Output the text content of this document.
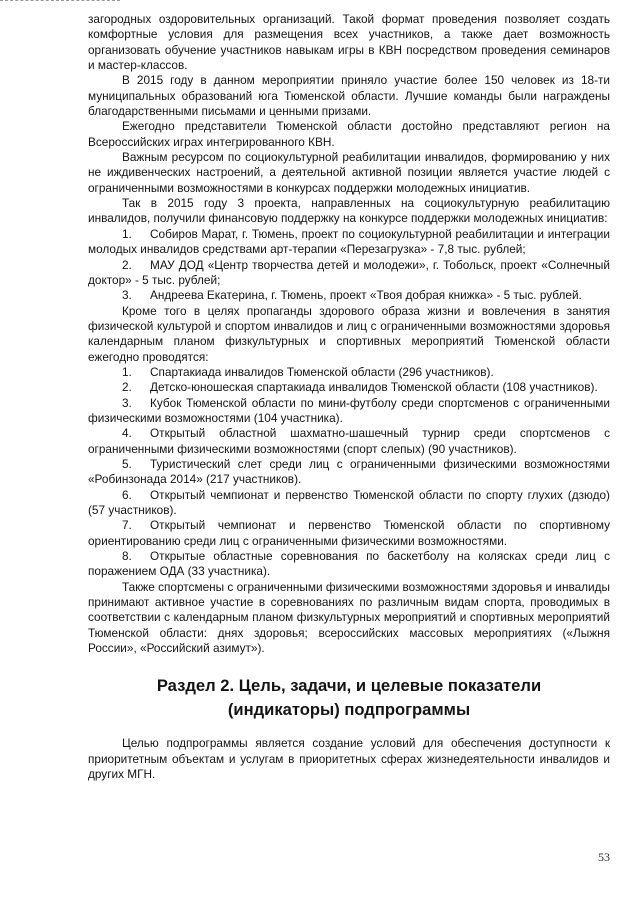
загородных оздоровительных организаций. Такой формат проведения позволяет создать комфортные условия для размещения всех участников, а также дает возможность организовать обучение участников навыкам игры в КВН посредством проведения семинаров и мастер-классов.

В 2015 году в данном мероприятии приняло участие более 150 человек из 18-ти муниципальных образований юга Тюменской области. Лучшие команды были награждены благодарственными письмами и ценными призами.

Ежегодно представители Тюменской области достойно представляют регион на Всероссийских играх интегрированного КВН.

Важным ресурсом по социокультурной реабилитации инвалидов, формированию у них не иждивенческих настроений, а деятельной активной позиции является участие людей с ограниченными возможностями в конкурсах поддержки молодежных инициатив.

Так в 2015 году 3 проекта, направленных на социокультурную реабилитацию инвалидов, получили финансовую поддержку на конкурсе поддержки молодежных инициатив:

1. Собиров Марат, г. Тюмень, проект по социокультурной реабилитации и интеграции молодых инвалидов средствами арт-терапии «Перезагрузка» - 7,8 тыс. рублей;

2. МАУ ДОД «Центр творчества детей и молодежи», г. Тобольск, проект «Солнечный доктор» - 5 тыс. рублей;

3. Андреева Екатерина, г. Тюмень, проект «Твоя добрая книжка» - 5 тыс. рублей.

Кроме того в целях пропаганды здорового образа жизни и вовлечения в занятия физической культурой и спортом инвалидов и лиц с ограниченными возможностями здоровья календарным планом физкультурных и спортивных мероприятий Тюменской области ежегодно проводятся:

1. Спартакиада инвалидов Тюменской области (296 участников).

2. Детско-юношеская спартакиада инвалидов Тюменской области (108 участников).

3. Кубок Тюменской области по мини-футболу среди спортсменов с ограниченными физическими возможностями (104 участника).

4. Открытый областной шахматно-шашечный турнир среди спортсменов с ограниченными физическими возможностями (спорт слепых) (90 участников).

5. Туристический слет среди лиц с ограниченными физическими возможностями «Робинзонада 2014» (217 участников).

6. Открытый чемпионат и первенство Тюменской области по спорту глухих (дзюдо) (57 участников).

7. Открытый чемпионат и первенство Тюменской области по спортивному ориентированию среди лиц с ограниченными физическими возможностями.

8. Открытые областные соревнования по баскетболу на колясках среди лиц с поражением ОДА (33 участника).

Также спортсмены с ограниченными физическими возможностями здоровья и инвалиды принимают активное участие в соревнованиях по различным видам спорта, проводимых в соответствии с календарным планом физкультурных мероприятий и спортивных мероприятий Тюменской области: днях здоровья; всероссийских массовых мероприятиях («Лыжня России», «Российский азимут»).

Раздел 2. Цель, задачи, и целевые показатели
(индикаторы) подпрограммы

Целью подпрограммы является создание условий для обеспечения доступности к приоритетным объектам и услугам в приоритетных сферах жизнедеятельности инвалидов и других МГН.

53
